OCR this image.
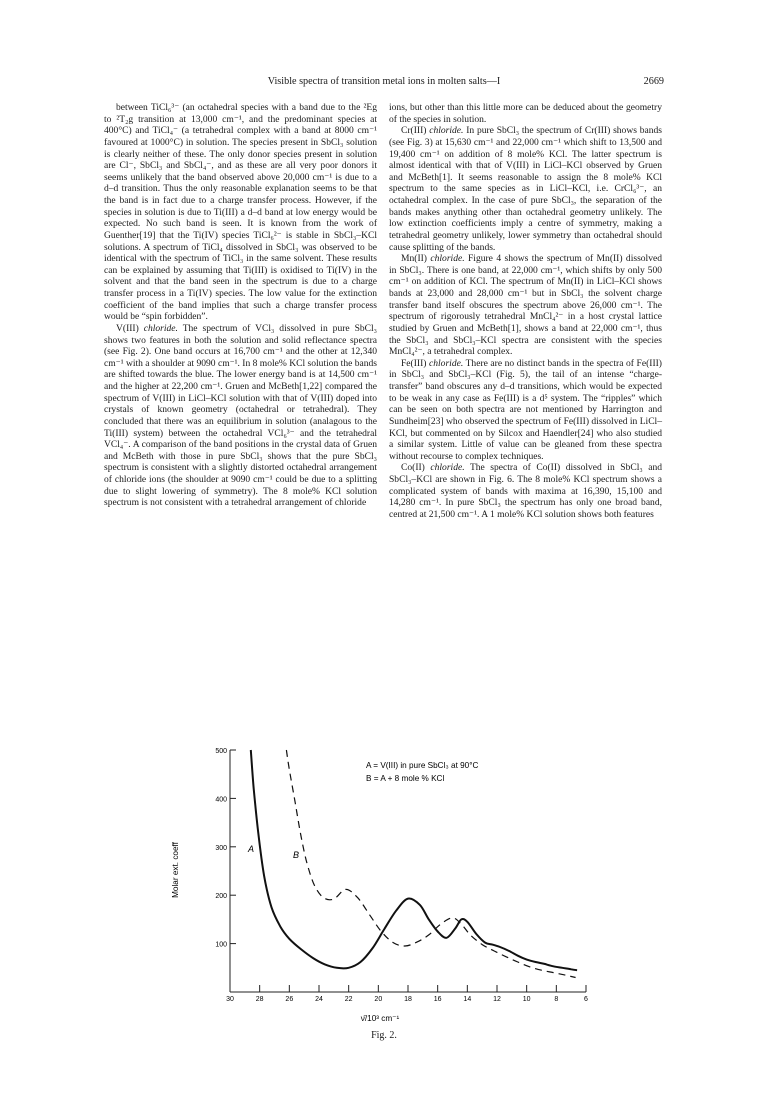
Visible spectra of transition metal ions in molten salts—I	2669

between TiCl₆³⁻ (an octahedral species with a band due to the ²Eg to ²T₂g transition at 13,000 cm⁻¹, and the predominant species at 400°C) and TiCl₄⁻ (a tetrahedral complex with a band at 8000 cm⁻¹ favoured at 1000°C) in solution. The species present in SbCl₃ solution is clearly neither of these. The only donor species present in solution are Cl⁻, SbCl₃ and SbCl₄⁻, and as these are all very poor donors it seems unlikely that the band observed above 20,000 cm⁻¹ is due to a d–d transition. Thus the only reasonable explanation seems to be that the band is in fact due to a charge transfer process. However, if the species in solution is due to Ti(III) a d–d band at low energy would be expected. No such band is seen. It is known from the work of Guenther[19] that the Ti(IV) species TiCl₆²⁻ is stable in SbCl₃–KCl solutions. A spectrum of TiCl₄ dissolved in SbCl₃ was observed to be identical with the spectrum of TiCl₃ in the same solvent. These results can be explained by assuming that Ti(III) is oxidised to Ti(IV) in the solvent and that the band seen in the spectrum is due to a charge transfer process in a Ti(IV) species. The low value for the extinction coefficient of the band implies that such a charge transfer process would be “spin forbidden”.

V(III) chloride. The spectrum of VCl₃ dissolved in pure SbCl₃ shows two features in both the solution and solid reflectance spectra (see Fig. 2). One band occurs at 16,700 cm⁻¹ and the other at 12,340 cm⁻¹ with a shoulder at 9090 cm⁻¹. In 8 mole% KCl solution the bands are shifted towards the blue. The lower energy band is at 14,500 cm⁻¹ and the higher at 22,200 cm⁻¹. Gruen and McBeth[1,22] compared the spectrum of V(III) in LiCl–KCl solution with that of V(III) doped into crystals of known geometry (octahedral or tetrahedral). They concluded that there was an equilibrium in solution (analagous to the Ti(III) system) between the octahedral VCl₆³⁻ and the tetrahedral VCl₄⁻. A comparison of the band positions in the crystal data of Gruen and McBeth with those in pure SbCl₃ shows that the pure SbCl₃ spectrum is consistent with a slightly distorted octahedral arrangement of chloride ions (the shoulder at 9090 cm⁻¹ could be due to a splitting due to slight lowering of symmetry). The 8 mole% KCl solution spectrum is not consistent with a tetrahedral arrangement of chloride

ions, but other than this little more can be deduced about the geometry of the species in solution.

Cr(III) chloride. In pure SbCl₃ the spectrum of Cr(III) shows bands (see Fig. 3) at 15,630 cm⁻¹ and 22,000 cm⁻¹ which shift to 13,500 and 19,400 cm⁻¹ on addition of 8 mole% KCl. The latter spectrum is almost identical with that of V(III) in LiCl–KCl observed by Gruen and McBeth[1]. It seems reasonable to assign the 8 mole% KCl spectrum to the same species as in LiCl–KCl, i.e. CrCl₆³⁻, an octahedral complex. In the case of pure SbCl₃, the separation of the bands makes anything other than octahedral geometry unlikely. The low extinction coefficients imply a centre of symmetry, making a tetrahedral geometry unlikely, lower symmetry than octahedral should cause splitting of the bands.

Mn(II) chloride. Figure 4 shows the spectrum of Mn(II) dissolved in SbCl₃. There is one band, at 22,000 cm⁻¹, which shifts by only 500 cm⁻¹ on addition of KCl. The spectrum of Mn(II) in LiCl–KCl shows bands at 23,000 and 28,000 cm⁻¹ but in SbCl₃ the solvent charge transfer band itself obscures the spectrum above 26,000 cm⁻¹. The spectrum of rigorously tetrahedral MnCl₄²⁻ in a host crystal lattice studied by Gruen and McBeth[1], shows a band at 22,000 cm⁻¹, thus the SbCl₃ and SbCl₃–KCl spectra are consistent with the species MnCl₄²⁻, a tetrahedral complex.

Fe(III) chloride. There are no distinct bands in the spectra of Fe(III) in SbCl₃ and SbCl₃–KCl (Fig. 5), the tail of an intense “charge-transfer” band obscures any d–d transitions, which would be expected to be weak in any case as Fe(III) is a d⁵ system. The “ripples” which can be seen on both spectra are not mentioned by Harrington and Sundheim[23] who observed the spectrum of Fe(III) dissolved in LiCl–KCl, but commented on by Silcox and Haendler[24] who also studied a similar system. Little of value can be gleaned from these spectra without recourse to complex techniques.

Co(II) chloride. The spectra of Co(II) dissolved in SbCl₃ and SbCl₃–KCl are shown in Fig. 6. The 8 mole% KCl spectrum shows a complicated system of bands with maxima at 16,390, 15,100 and 14,280 cm⁻¹. In pure SbCl₃ the spectrum has only one broad band, centred at 21,500 cm⁻¹. A 1 mole% KCl solution shows both features

100
200
300
400
500
30	28	26	24	22	20	18	16	14	12	10	8	6
A = V(III) in pure SbCl₃ at 90°C
B = A + 8 mole % KCl
A
B
Molar ext. coeff
ν̄/10³ cm⁻¹
Fig. 2.
